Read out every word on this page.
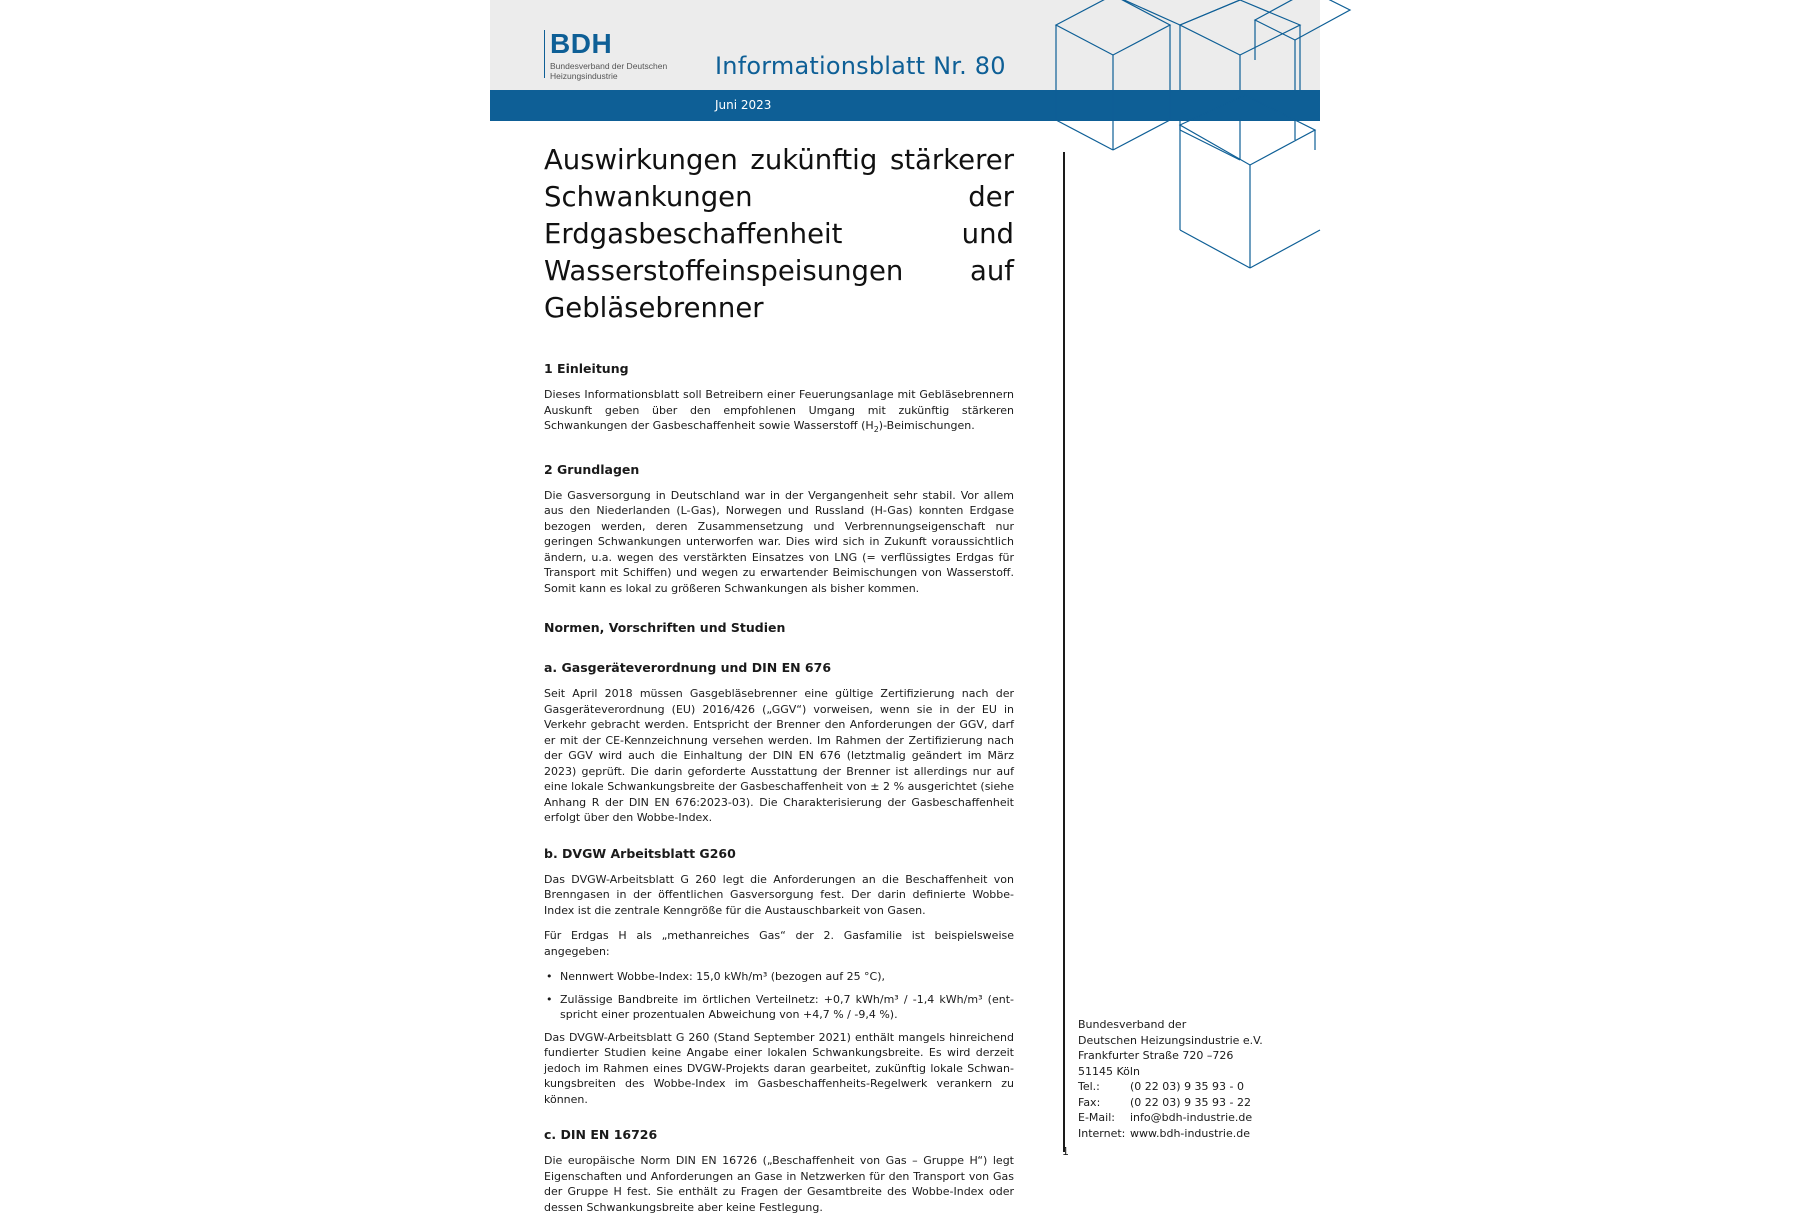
BDH
Bundesverband der Deutschen Heizungsindustrie	Informationsblatt Nr. 80
Juni 2023
Auswirkungen zukünftig stärkerer Schwankungen der Erdgasbeschaffenheit und Wasserstoffeinspeisungen auf Gebläsebrenner
1 Einleitung

Dieses Informationsblatt soll Betreibern einer Feuerungsanlage mit Gebläsebrennern Auskunft geben über den empfohlenen Umgang mit zukünftig stärkeren Schwankungen der Gasbeschaffenheit sowie Wasserstoff $(H_2)$-Beimischungen.

2 Grundlagen

Die Gasversorgung in Deutschland war in der Vergangenheit sehr stabil. Vor allem aus den Niederlanden (L-Gas), Norwegen und Russland (H-Gas) konnten Erdgase bezogen werden, deren Zusammensetzung und Verbrennungseigenschaft nur geringen Schwankungen unterworfen war. Dies wird sich in Zukunft voraussichtlich ändern, u.a. wegen des verstärkten Einsatzes von LNG (= verflüssigtes Erdgas für Transport mit Schiffen) und wegen zu erwartender Beimischungen von Wasserstoff. Somit kann es lokal zu größeren Schwankungen als bisher kommen.

Normen, Vorschriften und Studien
a. Gasgeräteverordnung und DIN EN 676

Seit April 2018 müssen Gasgebläsebrenner eine gültige Zertifizierung nach der Gasgeräteverordnung (EU) 2016/426 („GGV“) vorweisen, wenn sie in der EU in Verkehr gebracht werden. Entspricht der Brenner den Anforderungen der GGV, darf er mit der CE-Kennzeichnung versehen werden. Im Rahmen der Zertifizierung nach der GGV wird auch die Einhaltung der DIN EN 676 (letztmalig geändert im März 2023) geprüft. Die darin geforderte Ausstattung der Brenner ist allerdings nur auf eine lokale Schwankungsbreite der Gasbeschaffenheit von ± 2 % ausgerichtet (siehe Anhang R der DIN EN 676:2023-03). Die Charakterisierung der Gasbeschaffenheit erfolgt über den Wobbe-Index.

b. DVGW Arbeitsblatt G260

Das DVGW-Arbeitsblatt G 260 legt die Anforderungen an die Beschaffenheit von Brenngasen in der öffentlichen Gasversorgung fest. Der darin definierte Wobbe-Index ist die zentrale Kenngröße für die Austauschbarkeit von Gasen.

Für Erdgas H als „methanreiches Gas“ der 2. Gasfamilie ist beispielsweise angegeben:

• Nennwert Wobbe-Index: 15,0 kWh/m³ (bezogen auf 25 °C),
• Zulässige Bandbreite im örtlichen Verteilnetz: +0,7 kWh/m³ / -1,4 kWh/m³ (entspricht einer prozentualen Abweichung von +4,7 % / -9,4 %).

Das DVGW-Arbeitsblatt G 260 (Stand September 2021) enthält mangels hinreichend fundierter Studien keine Angabe einer lokalen Schwankungsbreite. Es wird derzeit jedoch im Rahmen eines DVGW-Projekts daran gearbeitet, zukünftig lokale Schwankungsbreiten des Wobbe-Index im Gasbeschaffenheits-Regelwerk verankern zu können.

c. DIN EN 16726

Die europäische Norm DIN EN 16726 („Beschaffenheit von Gas – Gruppe H“) legt Eigenschaften und Anforderungen an Gase in Netzwerken für den Transport von Gas der Gruppe H fest. Sie enthält zu Fragen der Gesamtbreite des Wobbe-Index oder dessen Schwankungsbreite aber keine Festlegung.

Bundesverband der
Deutschen Heizungsindustrie e.V.
Frankfurter Straße 720 –726
51145 Köln
Tel.:	(0 22 03) 9 35 93 - 0
Fax:	(0 22 03) 9 35 93 - 22
E-Mail:	info@bdh-industrie.de
Internet: www.bdh-industrie.de
1
